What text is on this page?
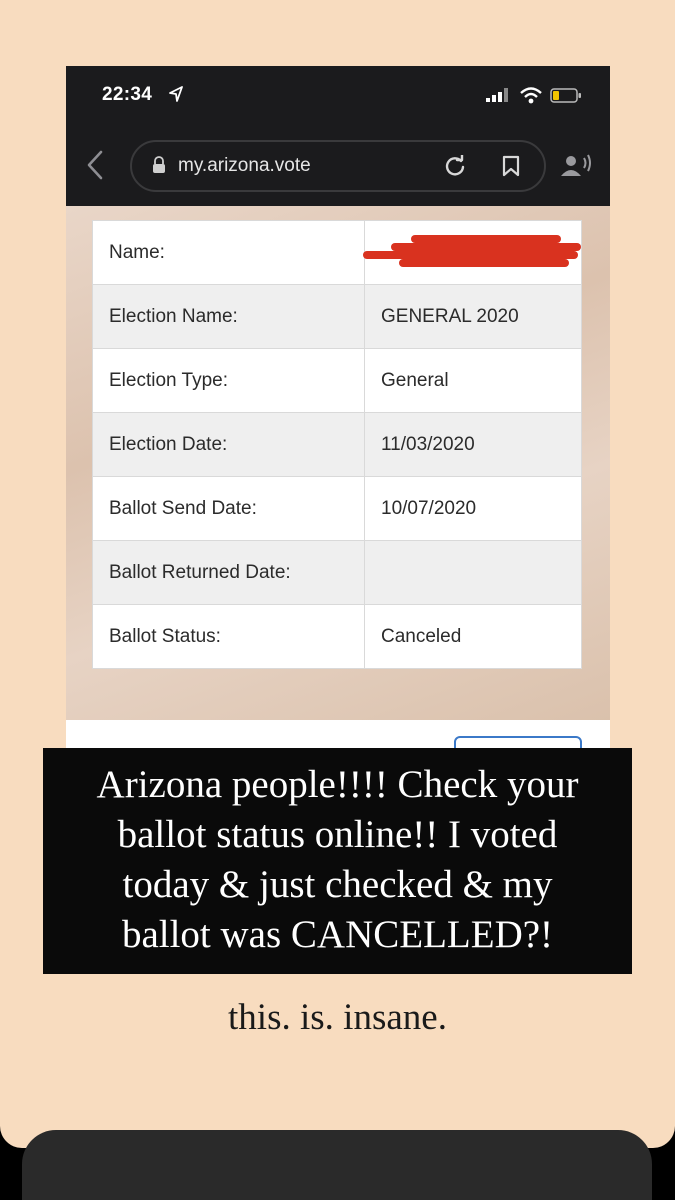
22:34
my.arizona.vote
Name:	

Election Name:	GENERAL 2020
Election Type:	General
Election Date:	11/03/2020
Ballot Send Date:	10/07/2020
Ballot Returned Date:	
Ballot Status:	Canceled
Arizona people!!!! Check your
ballot status online!! I voted
today & just checked & my
ballot was CANCELLED?!
this. is. insane.
